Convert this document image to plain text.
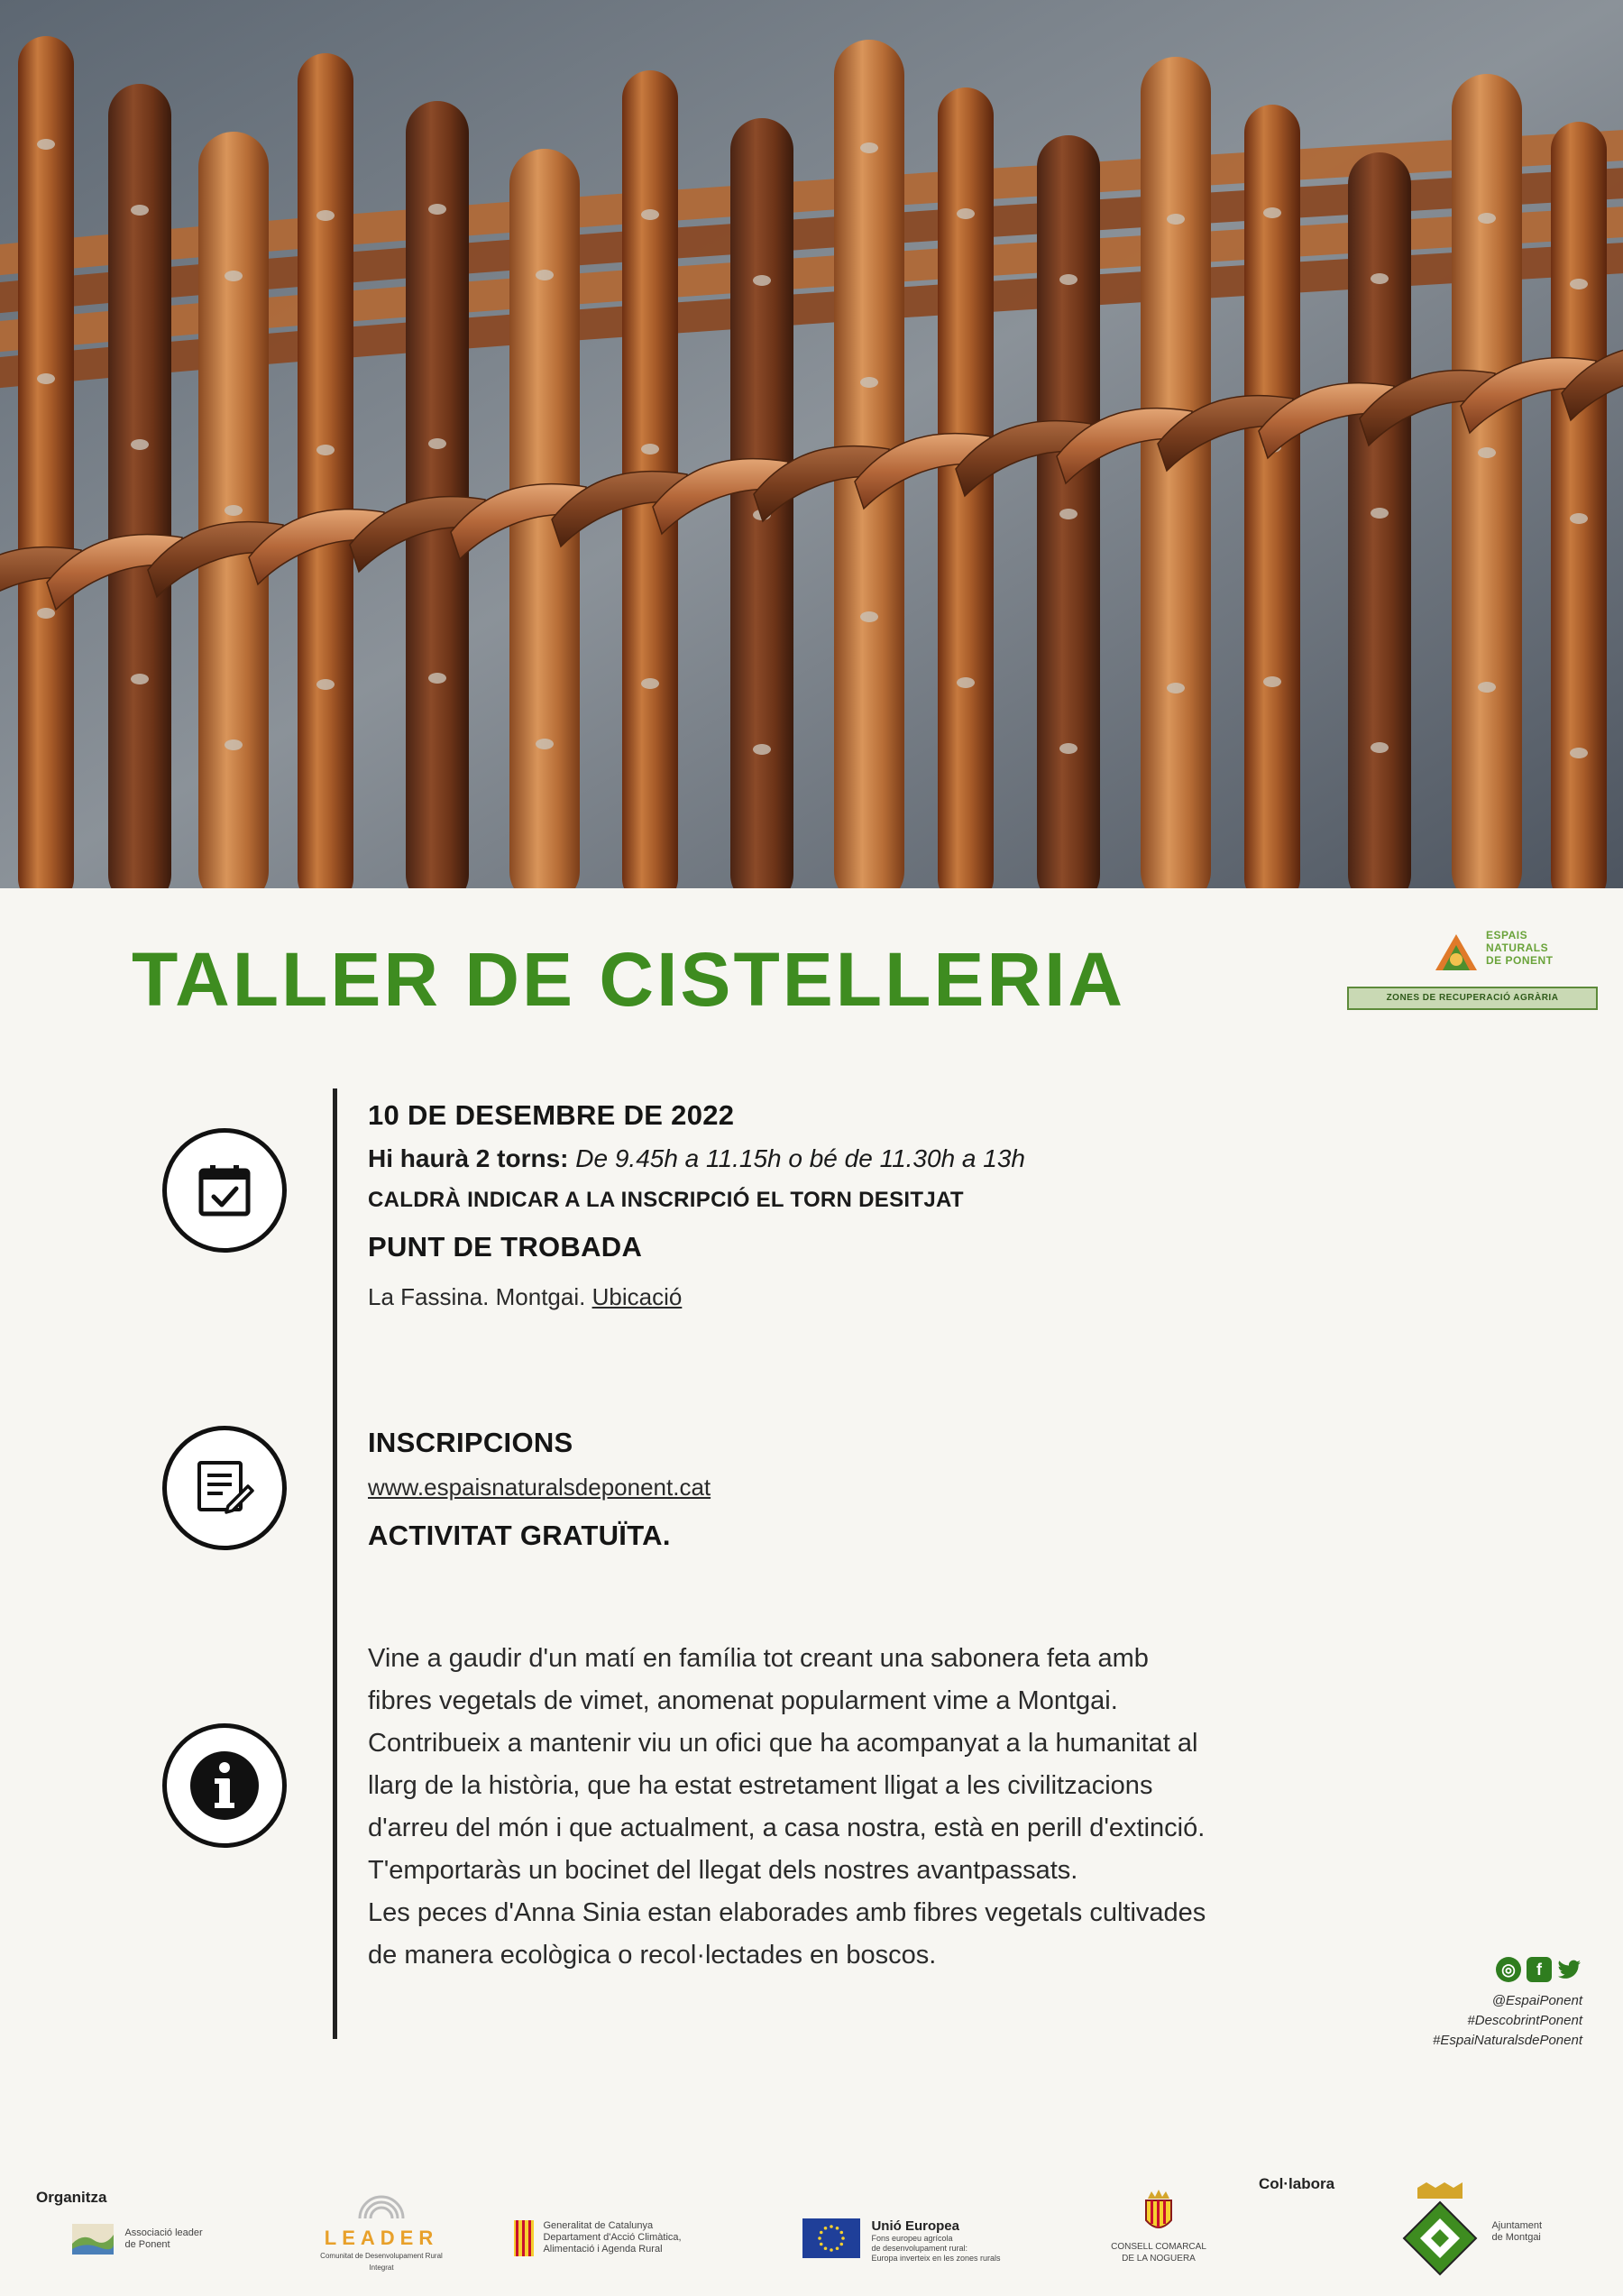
TALLER DE CISTELLERIA
ESPAIS
NATURALS
DE PONENT
ZONES DE RECUPERACIÓ AGRÀRIA
10 DE DESEMBRE DE 2022
Hi haurà 2 torns: De 9.45h a 11.15h o bé de 11.30h a 13h
CALDRÀ INDICAR A LA INSCRIPCIÓ EL TORN DESITJAT
PUNT DE TROBADA
La Fassina. Montgai. Ubicació
INSCRIPCIONS
www.espaisnaturalsdeponent.cat
ACTIVITAT GRATUÏTA.

Vine a gaudir d'un matí en família tot creant una sabonera feta amb

fibres vegetals de vimet, anomenat popularment vime a Montgai.

Contribueix a mantenir viu un ofici que ha acompanyat a la humanitat al

llarg de la història, que ha estat estretament lligat a les civilitzacions

d'arreu del món i que actualment, a casa nostra, està en perill d'extinció.

T'emportaràs un bocinet del llegat dels nostres avantpassats.

Les peces d'Anna Sinia estan elaborades amb fibres vegetals cultivades

de manera ecològica o recol·lectades en boscos.	◎	f
@EspaiPonent
#DescobrintPonent
#EspaiNaturalsdePonent
Organitza
Col·labora

Associació leader
de Ponent	LEADER
Comunitat de Desenvolupament Rural Integrat

Generalitat de Catalunya
Departament d'Acció Climàtica,
Alimentació i Agenda Rural

Unió Europea
Fons europeu agrícola
de desenvolupament rural:
Europa inverteix en les zones rurals
CONSELL COMARCAL
DE LA NOGUERA

Ajuntament
de Montgai
